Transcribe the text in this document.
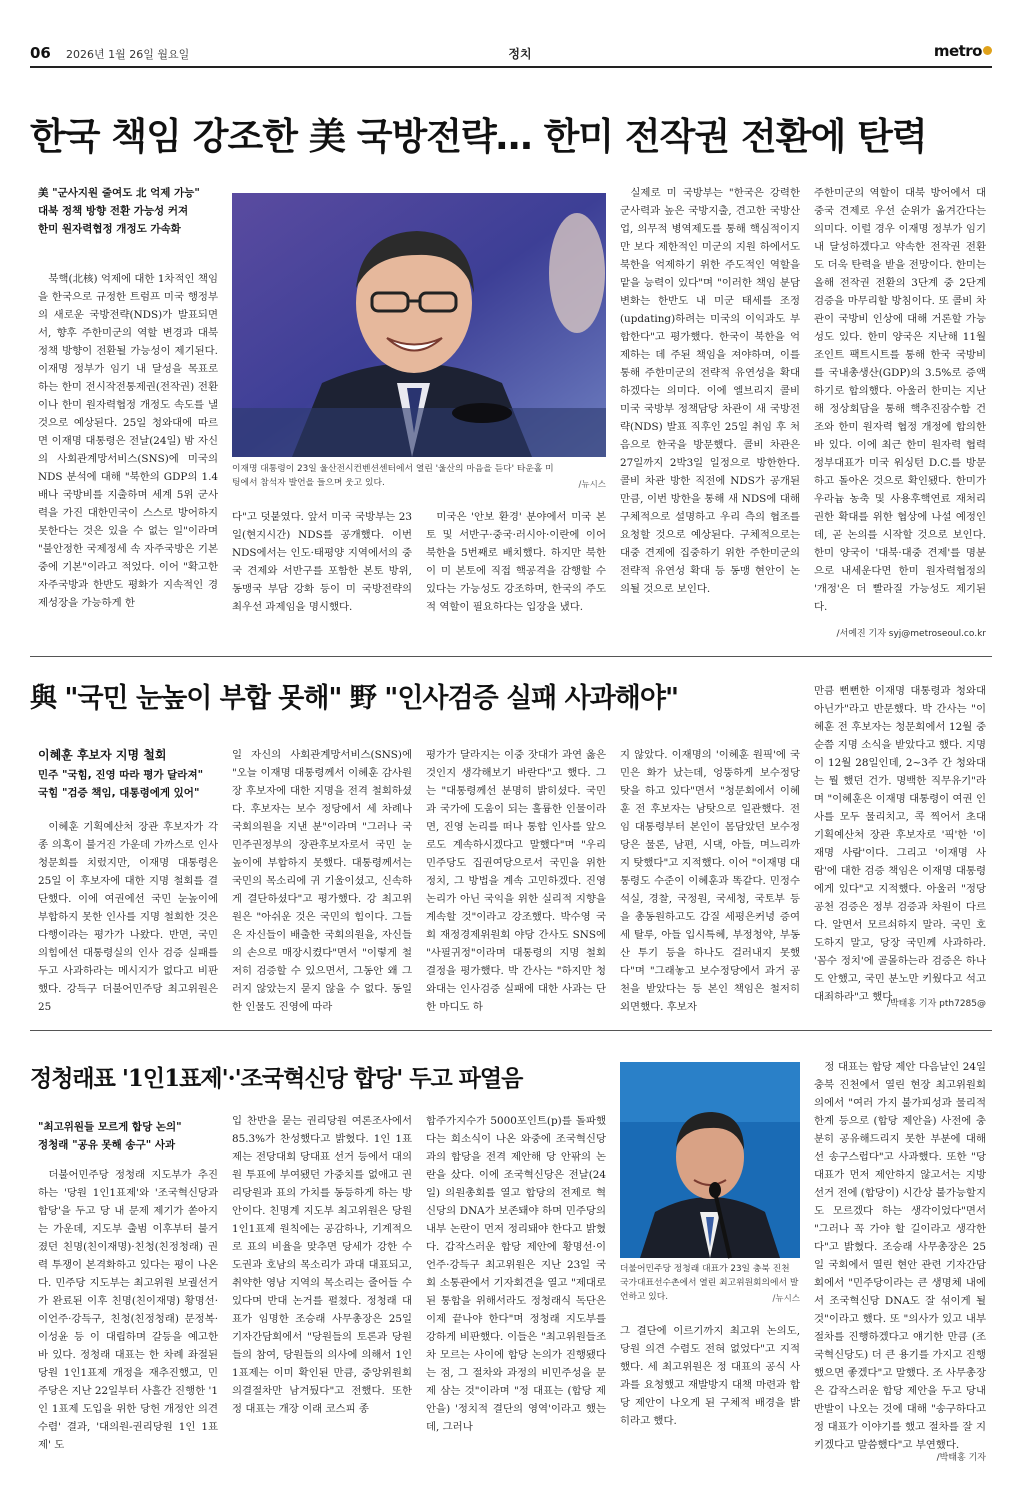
06 2026년 1월 26일 월요일	정치	metro
한국 책임 강조한 美 국방전략… 한미 전작권 전환에 탄력
美 "군사지원 줄여도 北 억제 가능"
대북 정책 방향 전환 가능성 커져
한미 원자력협정 개정도 가속화

북핵(北核) 억제에 대한 1차적인 책임을 한국으로 규정한 트럼프 미국 행정부의 새로운 국방전략(NDS)가 발표되면서, 향후 주한미군의 역할 변경과 대북 정책 방향이 전환될 가능성이 제기된다. 이재명 정부가 임기 내 달성을 목표로 하는 한미 전시작전통제권(전작권) 전환이나 한미 원자력협정 개정도 속도를 낼 것으로 예상된다. 25일 청와대에 따르면 이재명 대통령은 전날(24일) 밤 자신의 사회관계망서비스(SNS)에 미국의 NDS 분석에 대해 "북한의 GDP의 1.4배나 국방비를 지출하며 세계 5위 군사력을 가진 대한민국이 스스로 방어하지 못한다는 것은 있을 수 없는 일"이라며 "불안정한 국제정세 속 자주국방은 기본 중에 기본"이라고 적었다. 이어 "확고한 자주국방과 한반도 평화가 지속적인 경제성장을 가능하게 한

이재명 대통령이 23일 울산전시컨벤션센터에서 열린 '울산의 마음을 듣다' 타운홀 미팅에서 참석자 발언을 들으며 웃고 있다.	/뉴시스

다"고 덧붙였다. 앞서 미국 국방부는 23일(현지시간) NDS를 공개했다. 이번 NDS에서는 인도·태평양 지역에서의 중국 견제와 서반구를 포함한 본토 방위, 동맹국 부담 강화 등이 미 국방전략의 최우선 과제임을 명시했다.

미국은 '안보 환경' 분야에서 미국 본토 및 서반구·중국·러시아·이란에 이어 북한을 5번째로 배치했다. 하지만 북한이 미 본토에 직접 핵공격을 감행할 수 있다는 가능성도 강조하며, 한국의 주도적 역할이 필요하다는 입장을 냈다.

실제로 미 국방부는 "한국은 강력한 군사력과 높은 국방지출, 견고한 국방산업, 의무적 병역제도를 통해 핵심적이지만 보다 제한적인 미군의 지원 하에서도 북한을 억제하기 위한 주도적인 역할을 맡을 능력이 있다"며 "이러한 책임 분담 변화는 한반도 내 미군 태세를 조정(updating)하려는 미국의 이익과도 부합한다"고 평가했다. 한국이 북한을 억제하는 데 주된 책임을 져야하며, 이를 통해 주한미군의 전략적 유연성을 확대하겠다는 의미다. 이에 엘브리지 콜비 미국 국방부 정책담당 차관이 새 국방전략(NDS) 발표 직후인 25일 취임 후 처음으로 한국을 방문했다. 콜비 차관은 27일까지 2박3일 일정으로 방한한다. 콜비 차관 방한 직전에 NDS가 공개된 만큼, 이번 방한을 통해 새 NDS에 대해 구체적으로 설명하고 우리 측의 협조를 요청할 것으로 예상된다. 구체적으로는 대중 견제에 집중하기 위한 주한미군의 전략적 유연성 확대 등 동맹 현안이 논의될 것으로 보인다.

주한미군의 역할이 대북 방어에서 대중국 견제로 우선 순위가 옮겨간다는 의미다. 이럴 경우 이재명 정부가 임기 내 달성하겠다고 약속한 전작권 전환도 더욱 탄력을 받을 전망이다. 한미는 올해 전작권 전환의 3단계 중 2단계 검증을 마무리할 방침이다. 또 콜비 차관이 국방비 인상에 대해 거론할 가능성도 있다. 한미 양국은 지난해 11월 조인트 팩트시트를 통해 한국 국방비를 국내총생산(GDP)의 3.5%로 증액하기로 합의했다. 아울러 한미는 지난해 정상회담을 통해 핵추진잠수함 건조와 한미 원자력 협정 개정에 합의한 바 있다. 이에 최근 한미 원자력 협력 정부대표가 미국 워싱턴 D.C.를 방문하고 돌아온 것으로 확인됐다. 한미가 우라늄 농축 및 사용후핵연료 재처리 권한 확대를 위한 협상에 나설 예정인데, 곧 논의를 시작할 것으로 보인다. 한미 양국이 '대북·대중 견제'를 명분으로 내세운다면 한미 원자력협정의 '개정'은 더 빨라질 가능성도 제기된다.

/서예진 기자 syj@metroseoul.co.kr
與 "국민 눈높이 부합 못해" 野 "인사검증 실패 사과해야"
이혜훈 후보자 지명 철회
민주 "국힘, 진영 따라 평가 달라져"
국힘 "검증 책임, 대통령에게 있어"

이혜훈 기획예산처 장관 후보자가 각종 의혹이 불거진 가운데 가까스로 인사청문회를 치렀지만, 이재명 대통령은 25일 이 후보자에 대한 지명 철회를 결단했다. 이에 여권에선 국민 눈높이에 부합하지 못한 인사를 지명 철회한 것은 다행이라는 평가가 나왔다. 반면, 국민의힘에선 대통령실의 인사 검증 실패를 두고 사과하라는 메시지가 없다고 비판했다. 강득구 더불어민주당 최고위원은 25

일 자신의 사회관계망서비스(SNS)에 "오늘 이재명 대통령께서 이혜훈 감사원장 후보자에 대한 지명을 전격 철회하셨다. 후보자는 보수 정당에서 세 차례나 국회의원을 지낸 분"이라며 "그러나 국민주권정부의 장관후보자로서 국민 눈높이에 부합하지 못했다. 대통령께서는 국민의 목소리에 귀 기울이셨고, 신속하게 결단하셨다"고 평가했다. 강 최고위원은 "아쉬운 것은 국민의 힘이다. 그들은 자신들이 배출한 국회의원을, 자신들의 손으로 매장시켰다"면서 "이렇게 철저히 검증할 수 있으면서, 그동안 왜 그러지 않았는지 묻지 않을 수 없다. 동일한 인물도 진영에 따라

평가가 달라지는 이중 잣대가 과연 옳은 것인지 생각해보기 바란다"고 했다. 그는 "대통령께선 분명히 밝히셨다. 국민과 국가에 도움이 되는 훌륭한 인물이라면, 진영 논리를 떠나 통합 인사를 앞으로도 계속하시겠다고 말했다"며 "우리 민주당도 집권여당으로서 국민을 위한 정치, 그 방법을 계속 고민하겠다. 진영논리가 아닌 국익을 위한 실리적 지향을 계속할 것"이라고 강조했다. 박수영 국회 재정경제위원회 야당 간사도 SNS에 "사필귀정"이라며 대통령의 지명 철회 결정을 평가했다. 박 간사는 "하지만 청와대는 인사검증 실패에 대한 사과는 단 한 마디도 하

지 않았다. 이재명의 '이혜훈 원픽'에 국민은 화가 났는데, 엉뚱하게 보수정당 탓을 하고 있다"면서 "청문회에서 이혜훈 전 후보자는 남탓으로 일관했다. 전임 대통령부터 본인이 몸담았던 보수정당은 물론, 남편, 시댁, 아들, 며느리까지 탓했다"고 지적했다. 이어 "이재명 대통령도 수준이 이혜훈과 똑같다. 민정수석실, 경찰, 국정원, 국세청, 국토부 등을 총동원하고도 갑질 세평은커녕 증여세 탈루, 아들 입시특혜, 부정청약, 부동산 투기 등을 하나도 걸러내지 못했다"며 "그래놓고 보수정당에서 과거 공천을 받았다는 등 본인 책임은 철저히 외면했다. 후보자

만큼 뻔뻔한 이재명 대통령과 청와대 아닌가"라고 반문했다. 박 간사는 "이혜훈 전 후보자는 청문회에서 12월 중순쯤 지명 소식을 받았다고 했다. 지명이 12월 28일인데, 2~3주 간 청와대는 뭘 했던 건가. 명백한 직무유기"라며 "이혜훈은 이재명 대통령이 여권 인사를 모두 물리치고, 콕 찍어서 초대 기획예산처 장관 후보자로 '픽'한 '이재명 사람'이다. 그리고 '이재명 사람'에 대한 검증 책임은 이재명 대통령에게 있다"고 지적했다. 아울러 "정당 공천 검증은 정부 검증과 차원이 다르다. 알면서 모르쇠하지 말라. 국민 호도하지 말고, 당장 국민께 사과하라. '꼼수 정치'에 골몰하는라 검증은 하나도 안했고, 국민 분노만 키웠다고 석고대죄하라"고 했다.

/박태홍 기자 pth7285@
정청래표 '1인1표제'·'조국혁신당 합당' 두고 파열음
"최고위원들 모르게 합당 논의"
정청래 "공유 못해 송구" 사과

더불어민주당 정청래 지도부가 추진하는 '당원 1인1표제'와 '조국혁신당과 합당'을 두고 당 내 문제 제기가 쏟아지는 가운데, 지도부 출범 이후부터 불거졌던 친명(친이재명)·친청(친정청래) 권력 투쟁이 본격화하고 있다는 평이 나온다. 민주당 지도부는 최고위원 보궐선거가 완료된 이후 친명(친이재명) 황명선·이언주·강득구, 친청(친정청래) 문정복·이성윤 등 이 대립하며 갈등을 예고한 바 있다. 정청래 대표는 한 차례 좌절된 당원 1인1표제 개정을 재추진했고, 민주당은 지난 22일부터 사흘간 진행한 '1인 1표제 도입을 위한 당헌 개정안 의견수렴' 결과, '대의원-권리당원 1인 1표제' 도

입 찬반을 묻는 권리당원 여론조사에서 85.3%가 찬성했다고 밝혔다. 1인 1표제는 전당대회 당대표 선거 등에서 대의원 투표에 부여됐던 가중치를 없애고 권리당원과 표의 가치를 동등하게 하는 방안이다. 친명계 지도부 최고위원은 당원 1인1표제 원칙에는 공감하나, 기계적으로 표의 비율을 맞추면 당세가 강한 수도권과 호남의 목소리가 과대 대표되고, 취약한 영남 지역의 목소리는 줄어들 수 있다며 반대 논거를 펼쳤다. 정청래 대표가 임명한 조승래 사무총장은 25일 기자간담회에서 "당원들의 토론과 당원들의 참여, 당원들의 의사에 의해서 1인1표제는 이미 확인된 만큼, 중앙위원회 의결절차만 남겨뒀다"고 전했다. 또한 정 대표는 개장 이래 코스피 종

합주가지수가 5000포인트(p)를 돌파했다는 희소식이 나온 와중에 조국혁신당과의 합당을 전격 제안해 당 안팎의 논란을 샀다. 이에 조국혁신당은 전날(24일) 의원총회를 열고 합당의 전제로 혁신당의 DNA가 보존돼야 하며 민주당의 내부 논란이 먼저 정리돼야 한다고 밝혔다. 갑작스러운 합당 제안에 황명선·이언주·강득구 최고위원은 지난 23일 국회 소통관에서 기자회견을 열고 "제대로 된 통합을 위해서라도 정청래식 독단은 이제 끝나야 한다"며 정청래 지도부를 강하게 비판했다. 이들은 "최고위원들조차 모르는 사이에 합당 논의가 진행됐다는 점, 그 절차와 과정의 비민주성을 문제 삼는 것"이라며 "정 대표는 (합당 제안을) '정치적 결단의 영역'이라고 했는데, 그러나

더불어민주당 정청래 대표가 23일 충북 진천 국가대표선수촌에서 열린 최고위원회의에서 발언하고 있다.	/뉴시스

그 결단에 이르기까지 최고위 논의도, 당원 의견 수렴도 전혀 없었다"고 지적했다. 세 최고위원은 정 대표의 공식 사과를 요청했고 재발방지 대책 마련과 합당 제안이 나오게 된 구체적 배경을 밝히라고 했다.

정 대표는 합당 제안 다음날인 24일 충북 진천에서 열린 현장 최고위원회의에서 "여러 가지 불가피성과 물리적 한계 등으로 (합당 제안을) 사전에 충분히 공유해드리지 못한 부분에 대해선 송구스럽다"고 사과했다. 또한 "당대표가 먼저 제안하지 않고서는 지방선거 전에 (합당이) 시간상 불가능할지도 모르겠다 하는 생각이었다"면서 "그러나 꼭 가야 할 길이라고 생각한다"고 밝혔다. 조승래 사무총장은 25일 국회에서 열린 현안 관련 기자간담회에서 "민주당이라는 큰 생명체 내에서 조국혁신당 DNA도 잘 섞이게 될 것"이라고 했다. 또 "의사가 있고 내부 절차를 진행하겠다고 얘기한 만큼 (조국혁신당도) 더 큰 용기를 가지고 진행했으면 좋겠다"고 말했다. 조 사무총장은 갑작스러운 합당 제안을 두고 당내 반발이 나오는 것에 대해 "송구하다고 정 대표가 이야기를 했고 절차를 잘 지키겠다고 말씀했다"고 부연했다.

/박태홍 기자
